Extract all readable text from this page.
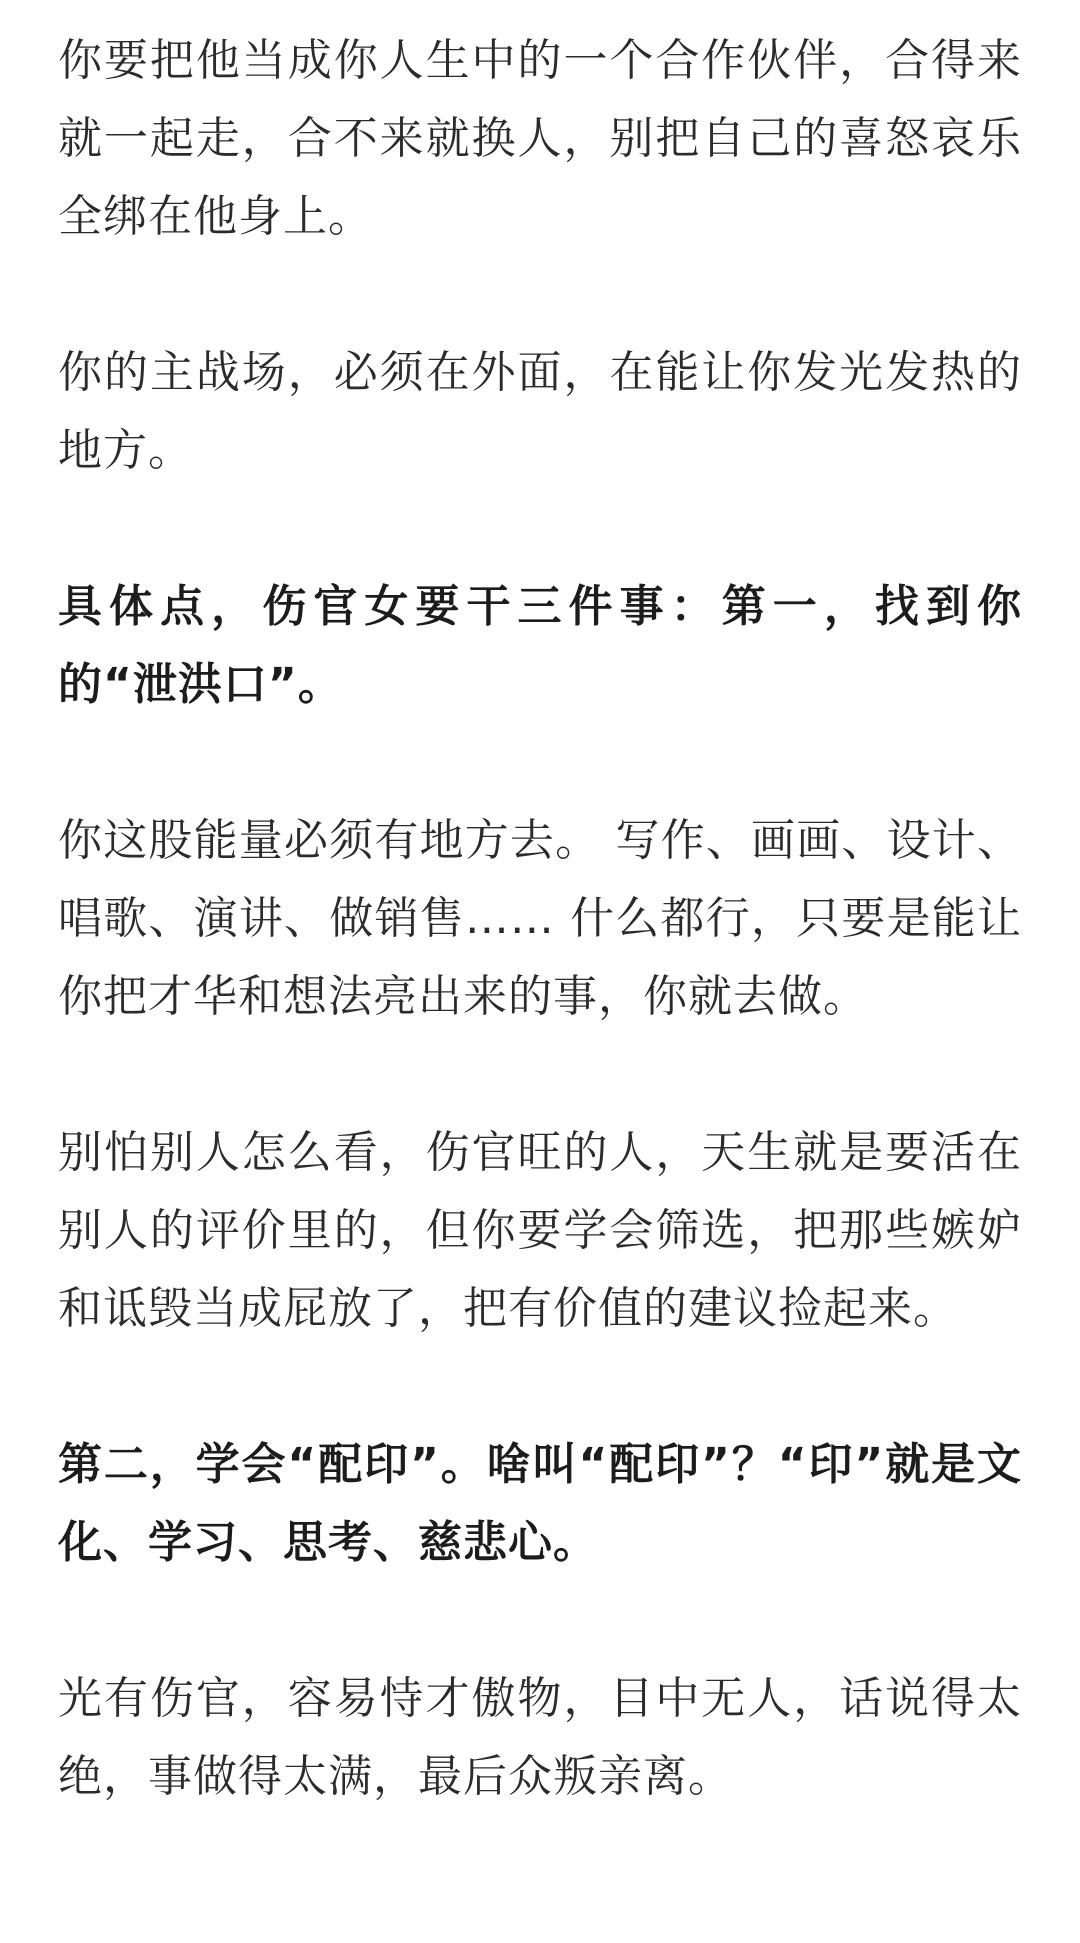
你要把他当成你人生中的一个合作伙伴，合得来就一起走，合不来就换人，别把自己的喜怒哀乐全绑在他身上。

你的主战场，必须在外面，在能让你发光发热的地方。

具体点，伤官女要干三件事：第一，找到你的“泄洪口”。

你这股能量必须有地方去。 写作、画画、设计、唱歌、演讲、做销售…… 什么都行，只要是能让你把才华和想法亮出来的事，你就去做。

别怕别人怎么看，伤官旺的人，天生就是要活在别人的评价里的，但你要学会筛选，把那些嫉妒和诋毁当成屁放了，把有价值的建议捡起来。

第二，学会“配印”。啥叫“配印”？“印”就是文化、学习、思考、慈悲心。

光有伤官，容易恃才傲物，目中无人，话说得太绝，事做得太满，最后众叛亲离。
